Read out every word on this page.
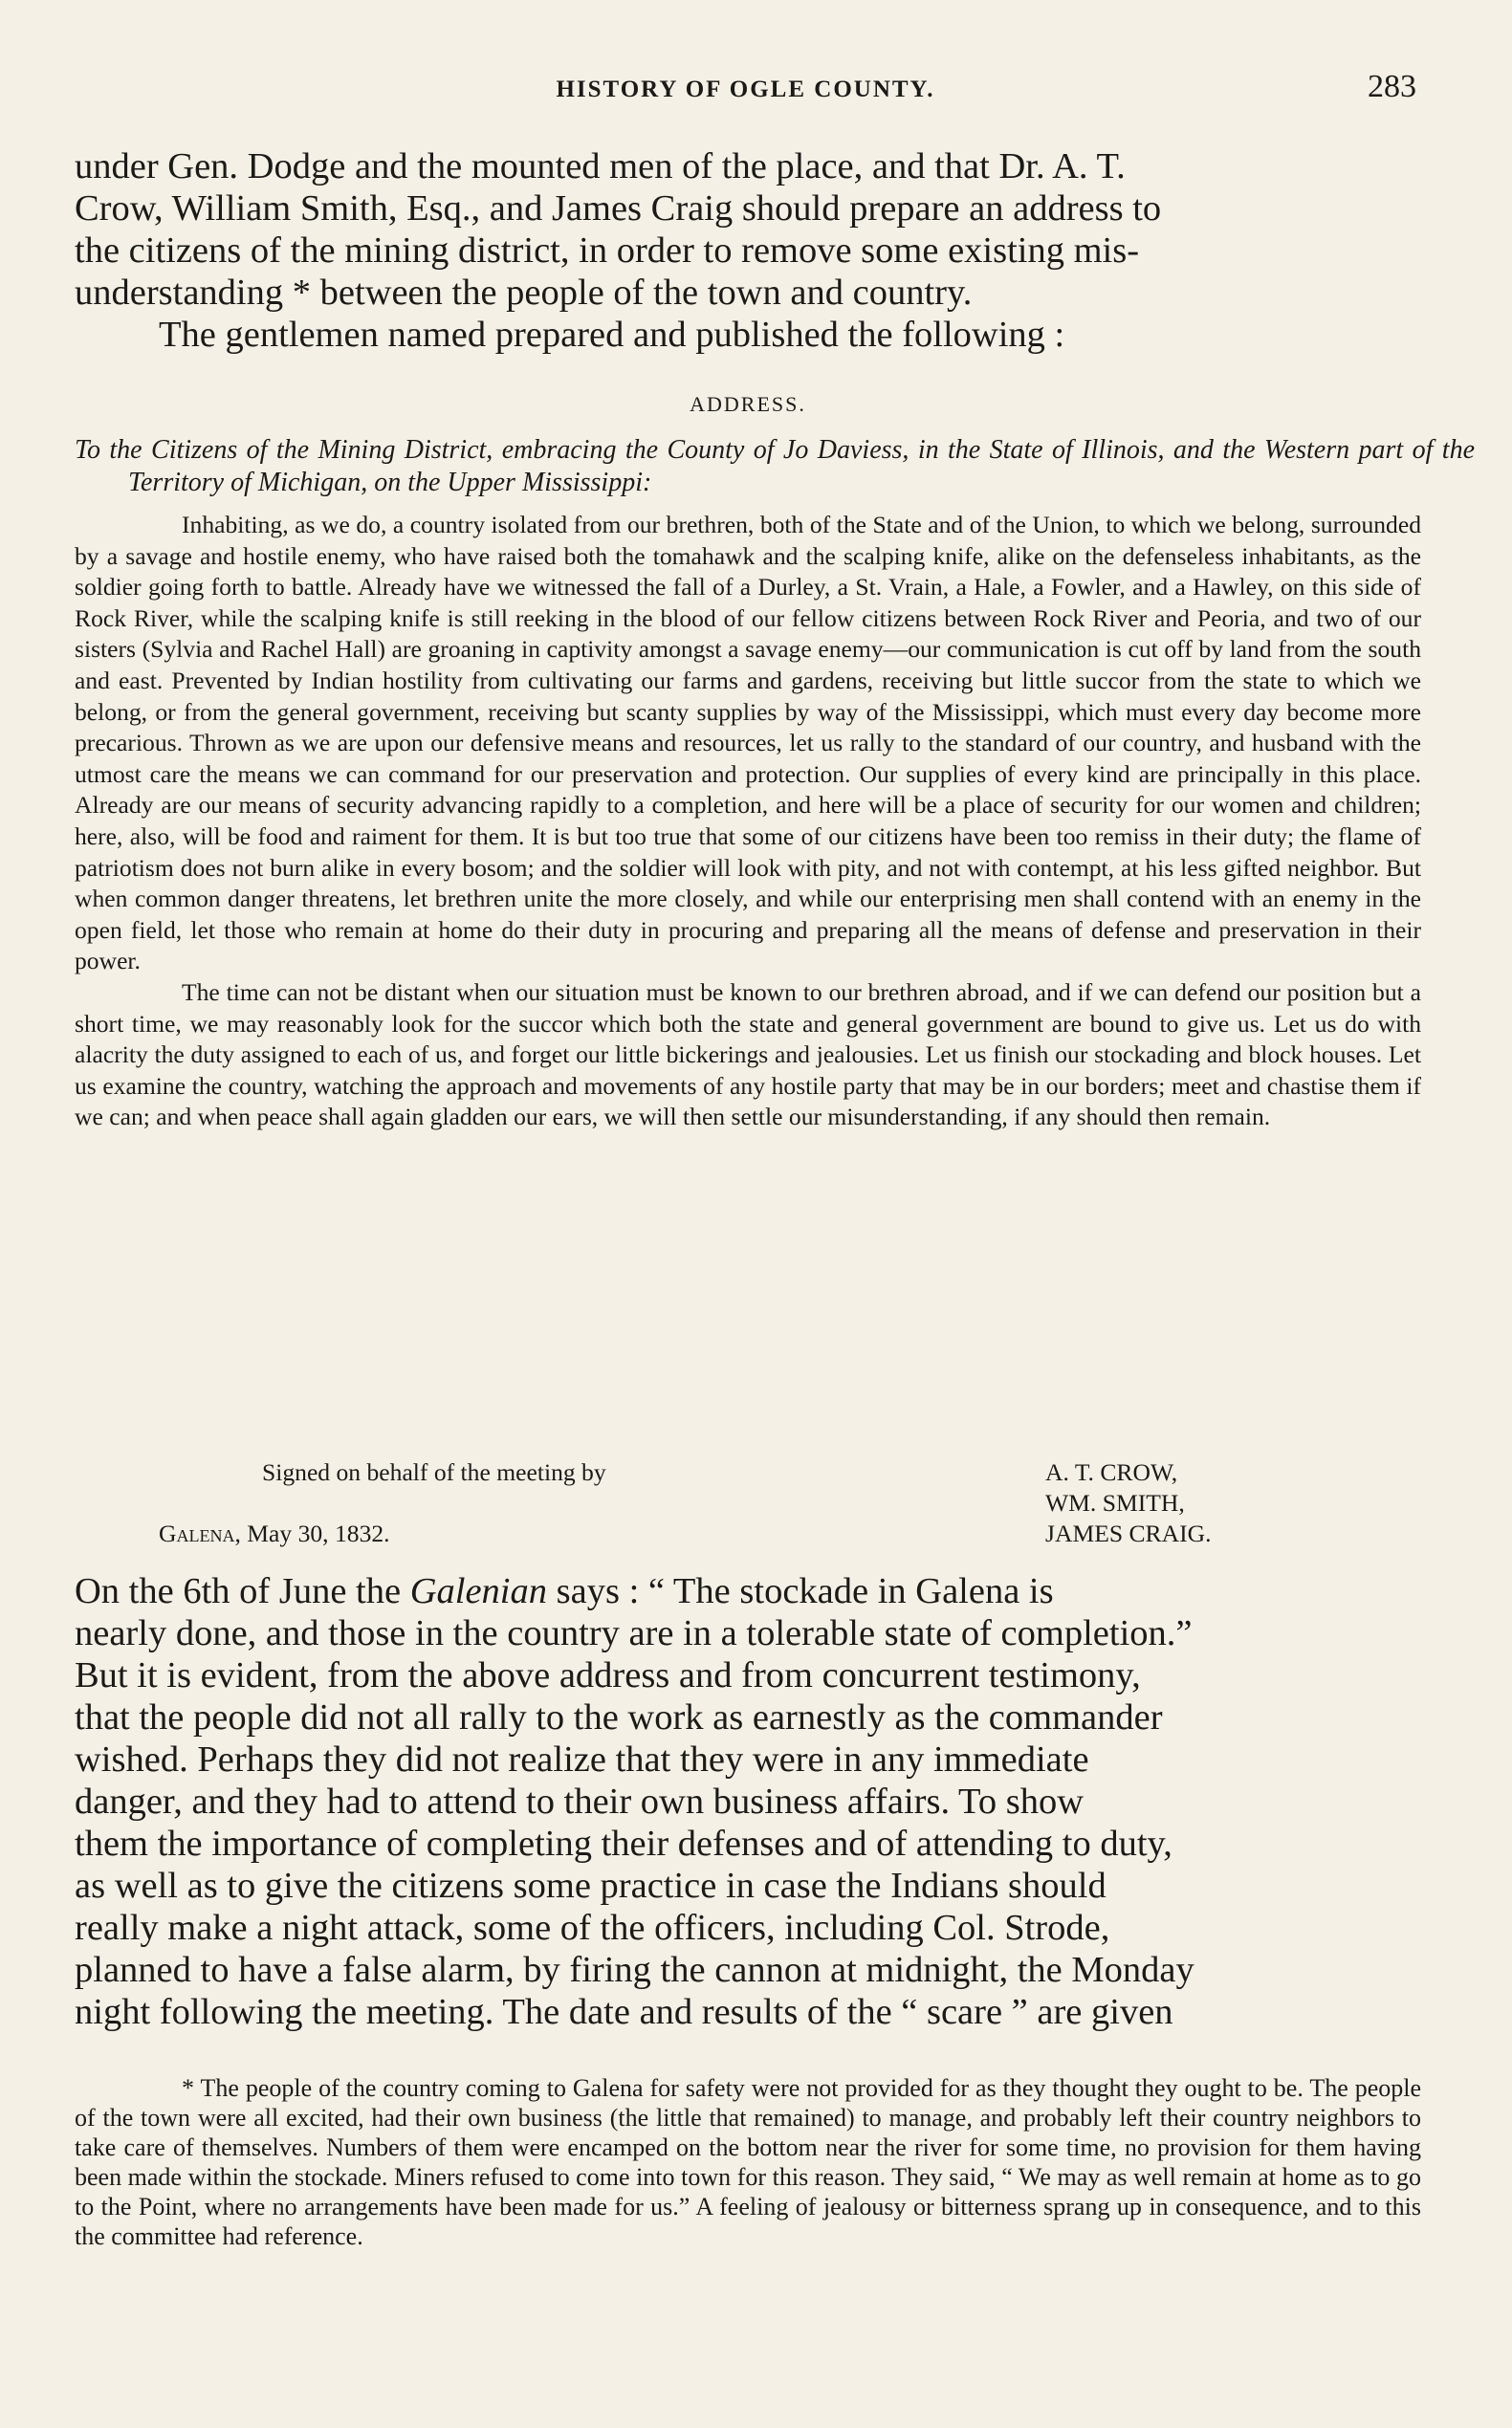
HISTORY OF OGLE COUNTY.	283
under Gen. Dodge and the mounted men of the place, and that Dr. A. T.
Crow, William Smith, Esq., and James Craig should prepare an address to
the citizens of the mining district, in order to remove some existing mis-
understanding * between the people of the town and country.
The gentlemen named prepared and published the following :
ADDRESS.
To the Citizens of the Mining District, embracing the County of Jo Daviess, in the State of Illinois, and the Western part of the Territory of Michigan, on the Upper Mississippi:

Inhabiting, as we do, a country isolated from our brethren, both of the State and of the Union, to which we belong, surrounded by a savage and hostile enemy, who have raised both the tomahawk and the scalping knife, alike on the defenseless inhabitants, as the soldier going forth to battle. Already have we witnessed the fall of a Durley, a St. Vrain, a Hale, a Fowler, and a Hawley, on this side of Rock River, while the scalping knife is still reeking in the blood of our fellow citizens between Rock River and Peoria, and two of our sisters (Sylvia and Rachel Hall) are groaning in captivity amongst a savage enemy—our communication is cut off by land from the south and east. Prevented by Indian hostility from cultivating our farms and gardens, receiving but little succor from the state to which we belong, or from the general government, receiving but scanty supplies by way of the Mississippi, which must every day become more precarious. Thrown as we are upon our defensive means and resources, let us rally to the standard of our country, and husband with the utmost care the means we can command for our preservation and protection. Our supplies of every kind are principally in this place. Already are our means of security advancing rapidly to a completion, and here will be a place of security for our women and children; here, also, will be food and raiment for them. It is but too true that some of our citizens have been too remiss in their duty; the flame of patriotism does not burn alike in every bosom; and the soldier will look with pity, and not with contempt, at his less gifted neighbor. But when common danger threatens, let brethren unite the more closely, and while our enterprising men shall contend with an enemy in the open field, let those who remain at home do their duty in procuring and preparing all the means of defense and preservation in their power.

The time can not be distant when our situation must be known to our brethren abroad, and if we can defend our position but a short time, we may reasonably look for the succor which both the state and general government are bound to give us. Let us do with alacrity the duty assigned to each of us, and forget our little bickerings and jealousies. Let us finish our stockading and block houses. Let us examine the country, watching the approach and movements of any hostile party that may be in our borders; meet and chastise them if we can; and when peace shall again gladden our ears, we will then settle our misunderstanding, if any should then remain.

Signed on behalf of the meeting by	A. T. CROW,
WM. SMITH,
Galena, May 30, 1832.	JAMES CRAIG.
On the 6th of June the Galenian says : “ The stockade in Galena is
nearly done, and those in the country are in a tolerable state of completion.”
But it is evident, from the above address and from concurrent testimony,
that the people did not all rally to the work as earnestly as the commander
wished. Perhaps they did not realize that they were in any immediate
danger, and they had to attend to their own business affairs. To show
them the importance of completing their defenses and of attending to duty,
as well as to give the citizens some practice in case the Indians should
really make a night attack, some of the officers, including Col. Strode,
planned to have a false alarm, by firing the cannon at midnight, the Monday
night following the meeting. The date and results of the “ scare ” are given

* The people of the country coming to Galena for safety were not provided for as they thought they ought to be. The people of the town were all excited, had their own business (the little that remained) to manage, and probably left their country neighbors to take care of themselves. Numbers of them were encamped on the bottom near the river for some time, no provision for them having been made within the stockade. Miners refused to come into town for this reason. They said, “ We may as well remain at home as to go to the Point, where no arrangements have been made for us.” A feeling of jealousy or bitterness sprang up in consequence, and to this the committee had reference.
